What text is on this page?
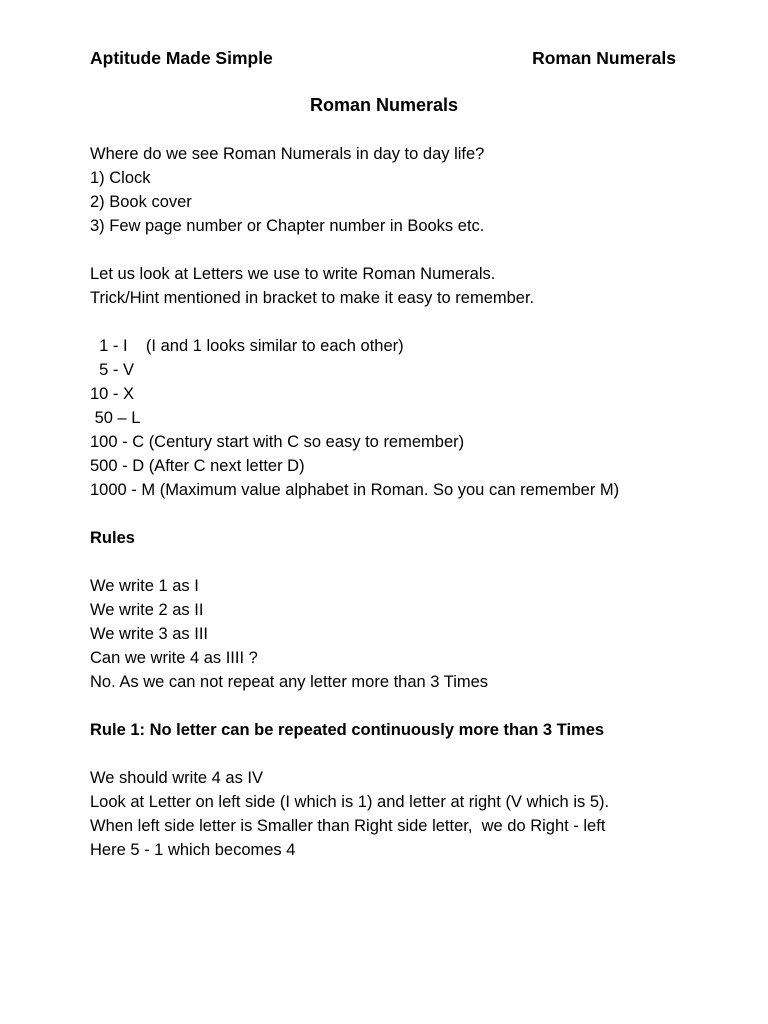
Aptitude Made Simple	Roman Numerals
Roman Numerals
Where do we see Roman Numerals in day to day life?
1) Clock
2) Book cover
3) Few page number or Chapter number in Books etc.
Let us look at Letters we use to write Roman Numerals.
Trick/Hint mentioned in bracket to make it easy to remember.
1 - I    (I and 1 looks similar to each other)
5 - V
10 - X
50 – L
100 - C (Century start with C so easy to remember)
500 - D (After C next letter D)
1000 - M (Maximum value alphabet in Roman. So you can remember M)
Rules
We write 1 as I
We write 2 as II
We write 3 as III
Can we write 4 as IIII ?
No. As we can not repeat any letter more than 3 Times
Rule 1: No letter can be repeated continuously more than 3 Times
We should write 4 as IV
Look at Letter on left side (I which is 1) and letter at right (V which is 5).
When left side letter is Smaller than Right side letter,  we do Right - left
Here 5 - 1 which becomes 4
